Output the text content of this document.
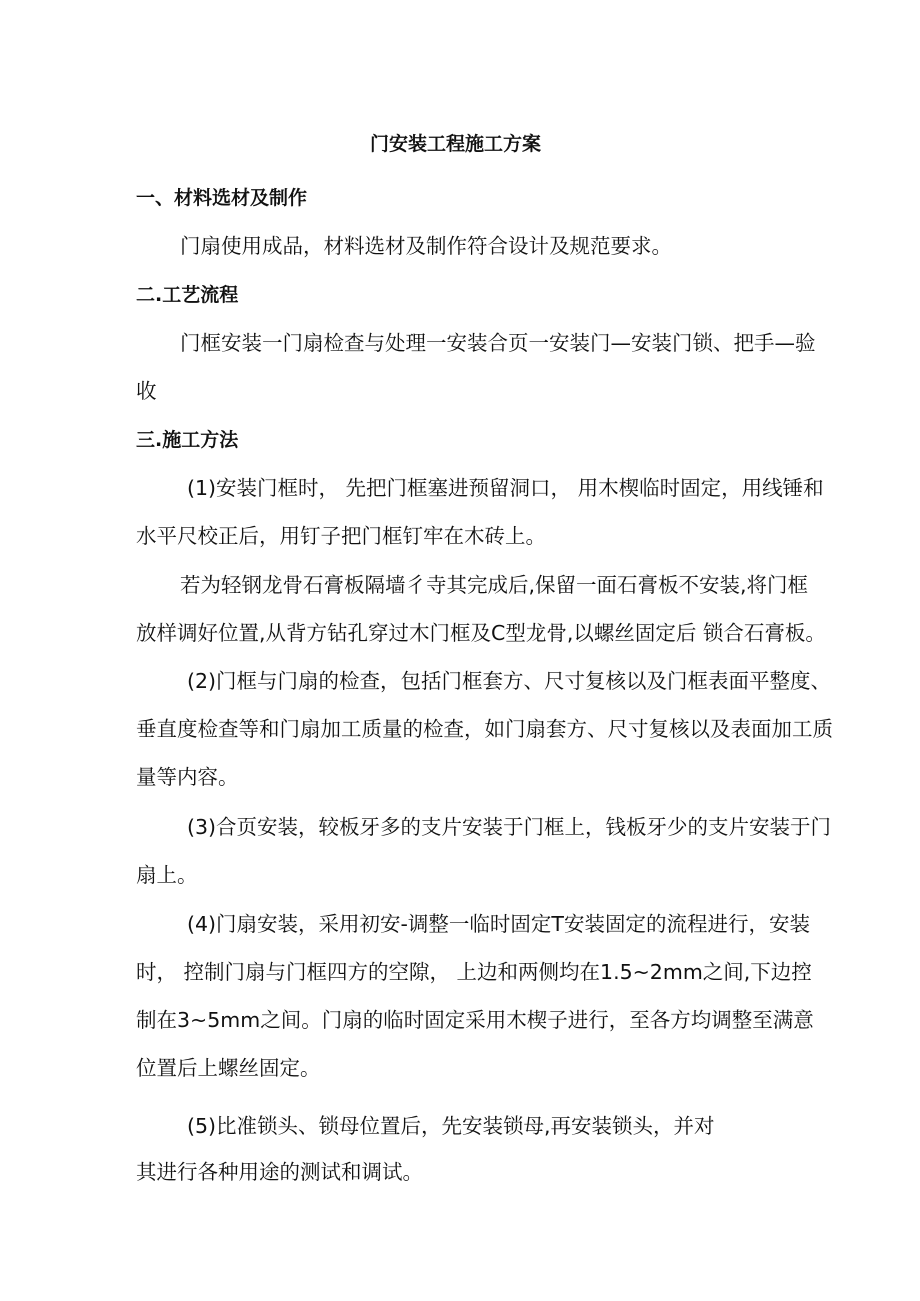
门安装工程施工方案
一、材料选材及制作
门扇使用成品，材料选材及制作符合设计及规范要求。
二.工艺流程
门框安装一门扇检查与处理一安装合页一安装门—安装门锁、把手—验
收
三.施工方法
(1)安装门框时， 先把门框塞进预留洞口， 用木楔临时固定，用线锤和
水平尺校正后，用钉子把门框钉牢在木砖上。
若为轻钢龙骨石膏板隔墙彳寺其完成后,保留一面石膏板不安装,将门框
放样调好位置,从背方钻孔穿过木门框及C型龙骨,以螺丝固定后 锁合石膏板。
(2)门框与门扇的检查，包括门框套方、尺寸复核以及门框表面平整度、
垂直度检查等和门扇加工质量的检查，如门扇套方、尺寸复核以及表面加工质
量等内容。
(3)合页安装，较板牙多的支片安装于门框上，钱板牙少的支片安装于门
扇上。
(4)门扇安装，采用初安-调整一临时固定T安装固定的流程进行，安装
时， 控制门扇与门框四方的空隙， 上边和两侧均在1.5~2mm之间,下边控
制在3~5mm之间。门扇的临时固定采用木楔子进行，至各方均调整至满意
位置后上螺丝固定。
(5)比准锁头、锁母位置后，先安装锁母,再安装锁头，并对
其进行各种用途的测试和调试。
